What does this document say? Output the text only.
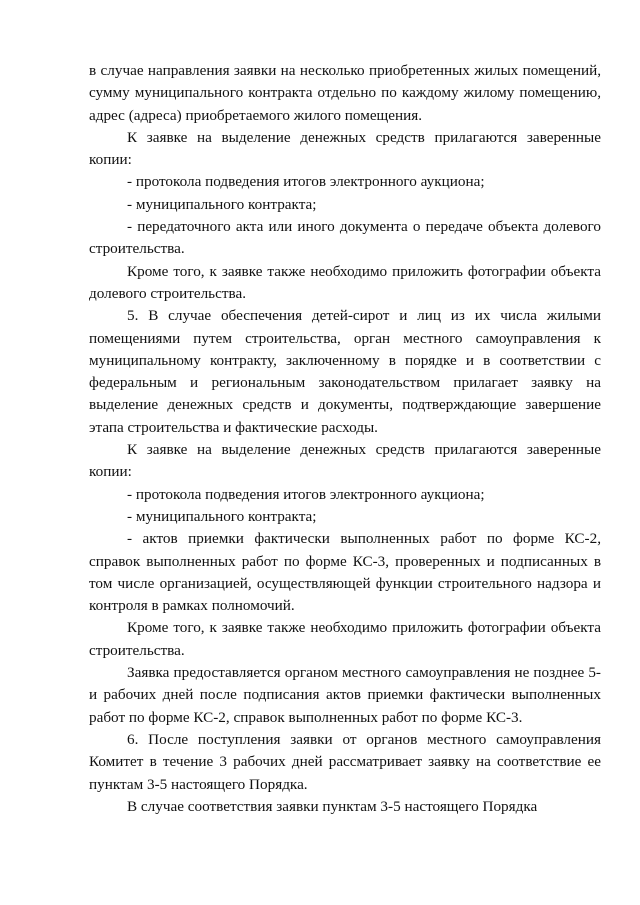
в случае направления заявки на несколько приобретенных жилых помещений, сумму муниципального контракта отдельно по каждому жилому помещению, адрес (адреса) приобретаемого жилого помещения.

К заявке на выделение денежных средств прилагаются заверенные копии:

- протокола подведения итогов электронного аукциона;

- муниципального контракта;

- передаточного акта или иного документа о передаче объекта долевого строительства.

Кроме того, к заявке также необходимо приложить фотографии объекта долевого строительства.

5. В случае обеспечения детей-сирот и лиц из их числа жилыми помещениями путем строительства, орган местного самоуправления к муниципальному контракту, заключенному в порядке и в соответствии с федеральным и региональным законодательством прилагает заявку на выделение денежных средств и документы, подтверждающие завершение этапа строительства и фактические расходы.

К заявке на выделение денежных средств прилагаются заверенные копии:

- протокола подведения итогов электронного аукциона;

- муниципального контракта;

- актов приемки фактически выполненных работ по форме КС-2, справок выполненных работ по форме КС-3, проверенных и подписанных в том числе организацией, осуществляющей функции строительного надзора и контроля в рамках полномочий.

Кроме того, к заявке также необходимо приложить фотографии объекта строительства.

Заявка предоставляется органом местного самоуправления не позднее 5-и рабочих дней после подписания актов приемки фактически выполненных работ по форме КС-2, справок выполненных работ по форме КС-3.

6. После поступления заявки от органов местного самоуправления Комитет в течение 3 рабочих дней рассматривает заявку на соответствие ее пунктам 3-5 настоящего Порядка.

В случае соответствия заявки пунктам 3-5 настоящего Порядка
